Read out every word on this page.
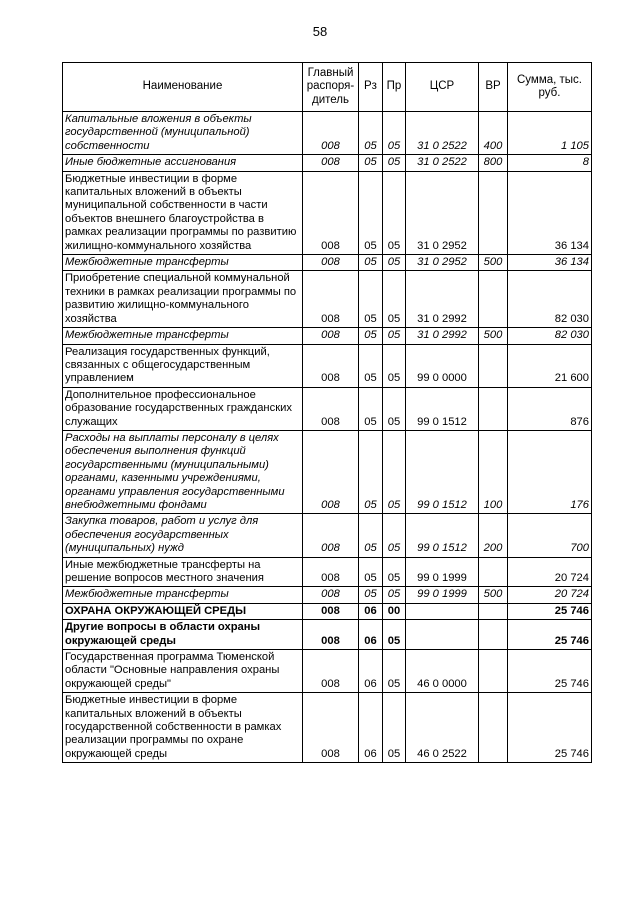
58
Наименование	Главный распоря-дитель	Рз	Пр	ЦСР	ВР	Сумма, тыс. руб.
Капитальные вложения в объекты государственной (муниципальной) собственности	008	05	05	31 0 2522	400	1 105
Иные бюджетные ассигнования	008	05	05	31 0 2522	800	8
Бюджетные инвестиции в форме капитальных вложений в объекты муниципальной собственности в части объектов внешнего благоустройства в рамках реализации программы по развитию жилищно-коммунального хозяйства	008	05	05	31 0 2952		36 134
Межбюджетные трансферты	008	05	05	31 0 2952	500	36 134
Приобретение специальной коммунальной техники в рамках реализации программы по развитию жилищно-коммунального хозяйства	008	05	05	31 0 2992		82 030
Межбюджетные трансферты	008	05	05	31 0 2992	500	82 030
Реализация государственных функций, связанных с общегосударственным управлением	008	05	05	99 0 0000		21 600
Дополнительное профессиональное образование государственных гражданских служащих	008	05	05	99 0 1512		876
Расходы на выплаты персоналу в целях обеспечения выполнения функций государственными (муниципальными) органами, казенными учреждениями, органами управления государственными внебюджетными фондами	008	05	05	99 0 1512	100	176
Закупка товаров, работ и услуг для обеспечения государственных (муниципальных) нужд	008	05	05	99 0 1512	200	700
Иные межбюджетные трансферты на решение вопросов местного значения	008	05	05	99 0 1999		20 724
Межбюджетные трансферты	008	05	05	99 0 1999	500	20 724
ОХРАНА ОКРУЖАЮЩЕЙ СРЕДЫ	008	06	00			25 746
Другие вопросы в области охраны окружающей среды	008	06	05			25 746
Государственная программа Тюменской области "Основные направления охраны окружающей среды"	008	06	05	46 0 0000		25 746
Бюджетные инвестиции в форме капитальных вложений в объекты государственной собственности в рамках реализации программы по охране окружающей среды	008	06	05	46 0 2522		25 746
